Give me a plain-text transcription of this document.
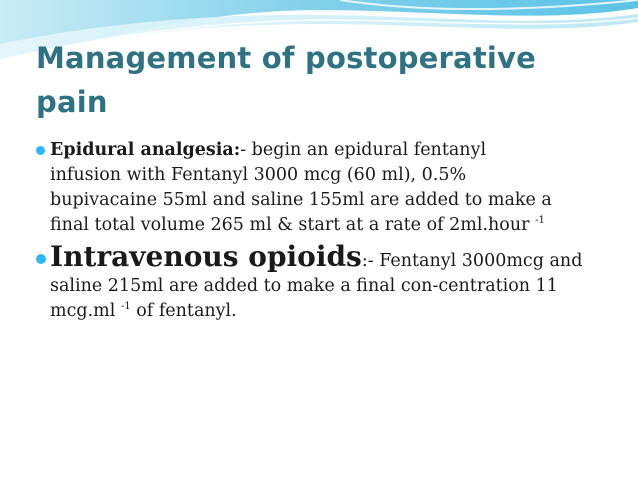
Management of postoperative
pain
Epidural analgesia:- begin an epidural fentanyl
infusion with Fentanyl 3000 mcg (60 ml), 0.5%
bupivacaine 55ml and saline 155ml are added to make a
final total volume 265 ml & start at a rate of 2ml.hour $^{-1}$
Intravenous opioids:- Fentanyl 3000mcg and
saline 215ml are added to make a final con-centration 11
mcg.ml $^{-1}$ of fentanyl.
